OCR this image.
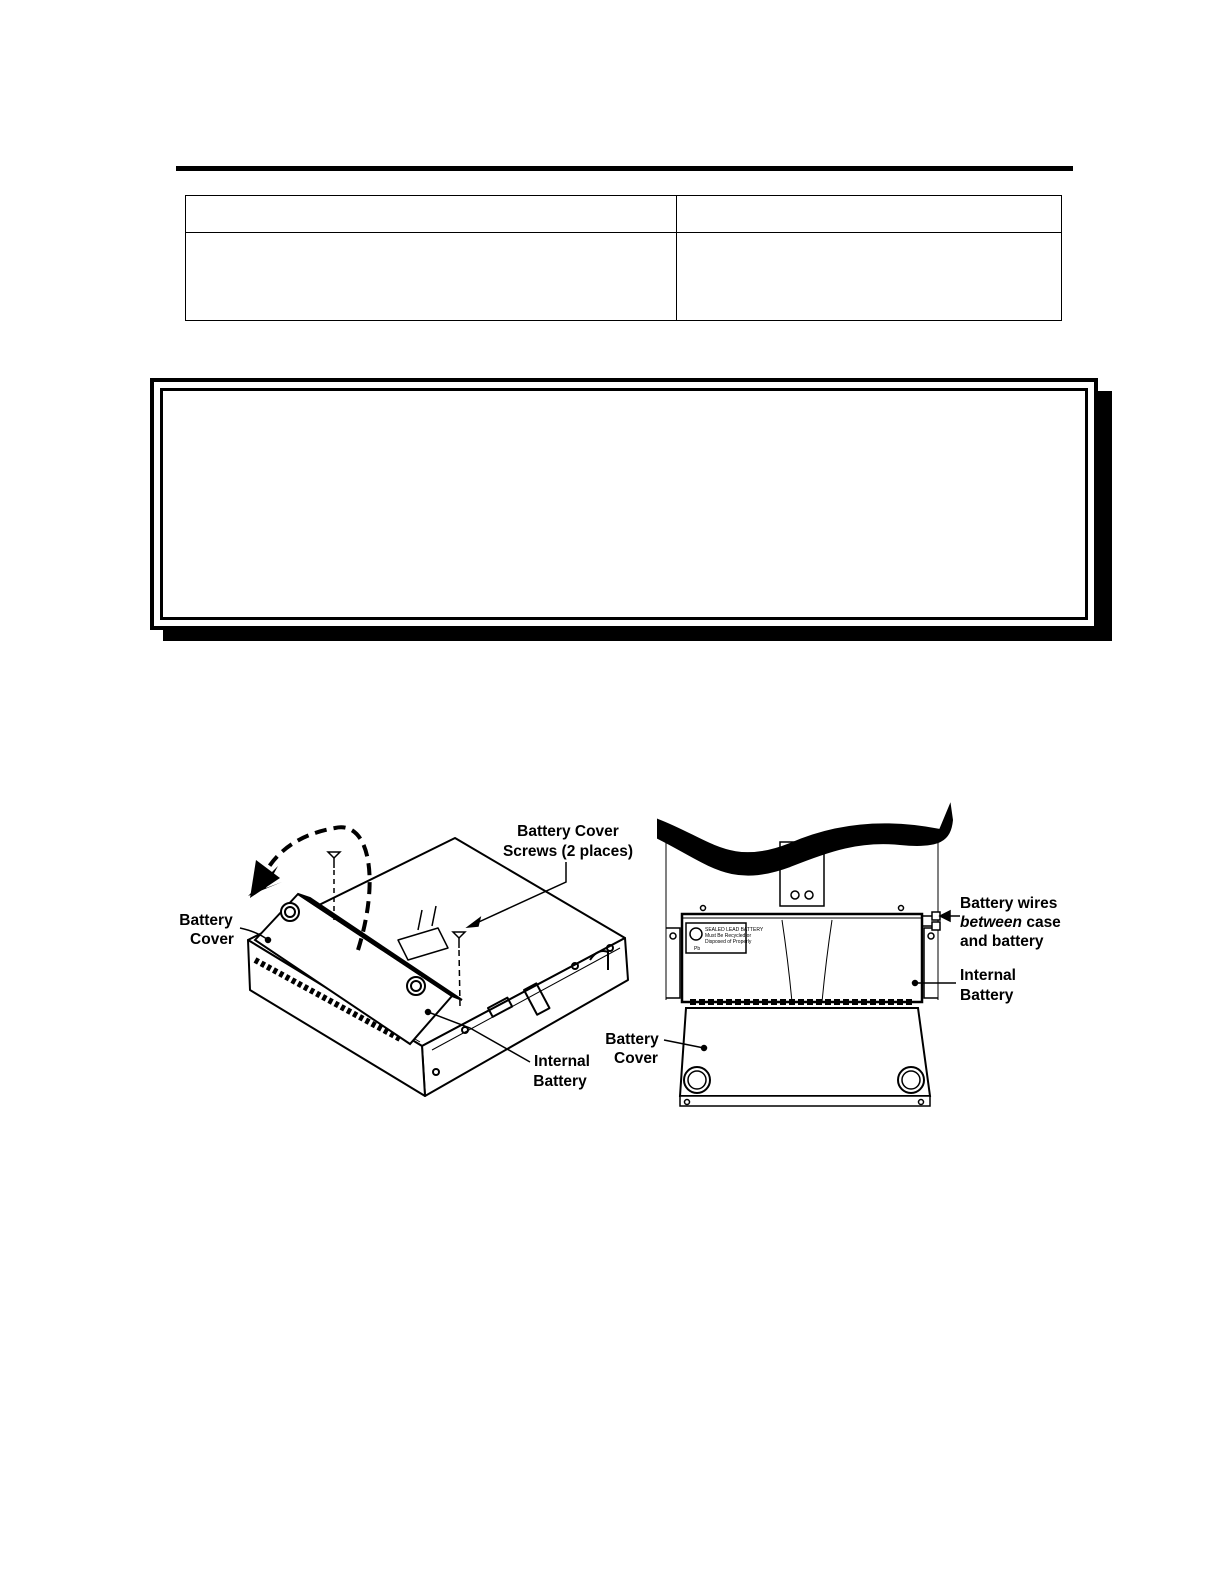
Battery Cover
Screws (2 places)
Battery
Cover
Internal
Battery
Pb
SEALED LEAD BATTERY
Must Be Recycled or
Disposed of Properly
Battery wires
between case
and battery
Internal
Battery
Battery
Cover
